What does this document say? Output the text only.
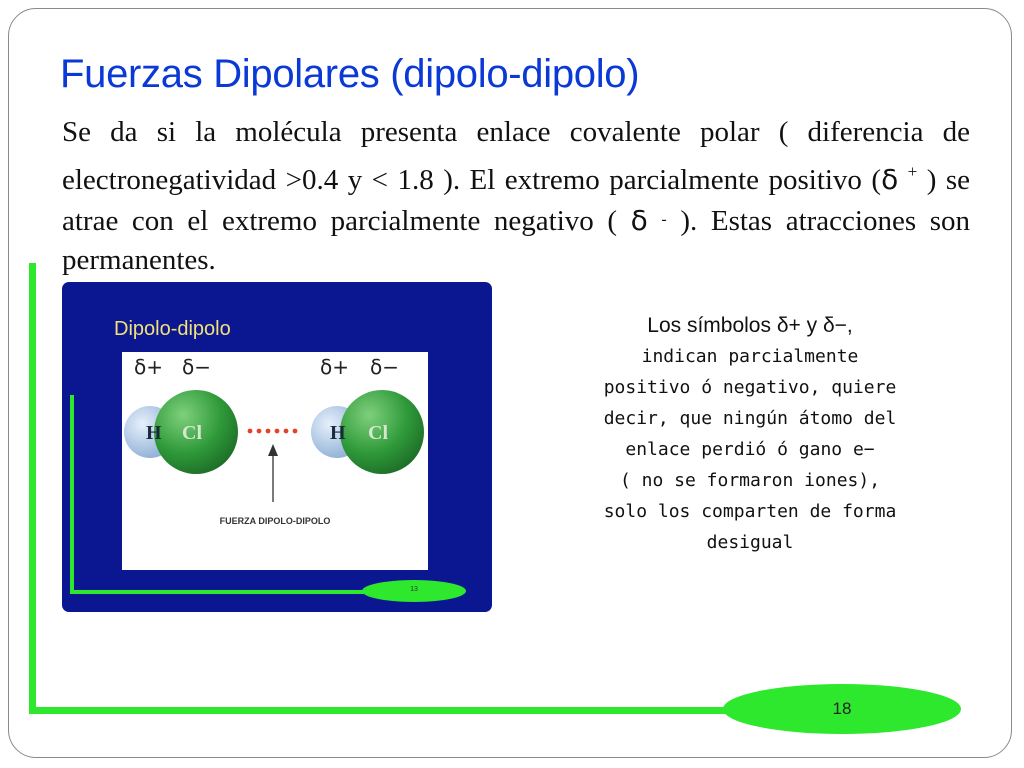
Fuerzas Dipolares (dipolo-dipolo)

Se da si la molécula presenta enlace covalente polar ( diferencia de electronegatividad >0.4 y < 1.8 ). El extremo parcialmente positivo (δ + ) se atrae con el extremo parcialmente negativo ( δ - ). Estas atracciones son permanentes.

18
Dipolo-dipolo
13
δ+ δ−	δ+ δ−
H Cl	H Cl
FUERZA DIPOLO-DIPOLO
Los símbolos δ+ y δ−,
indican parcialmente
positivo ó negativo, quiere
decir, que ningún átomo del
enlace perdió ó gano e−
( no se formaron iones),
solo los comparten de forma
desigual
